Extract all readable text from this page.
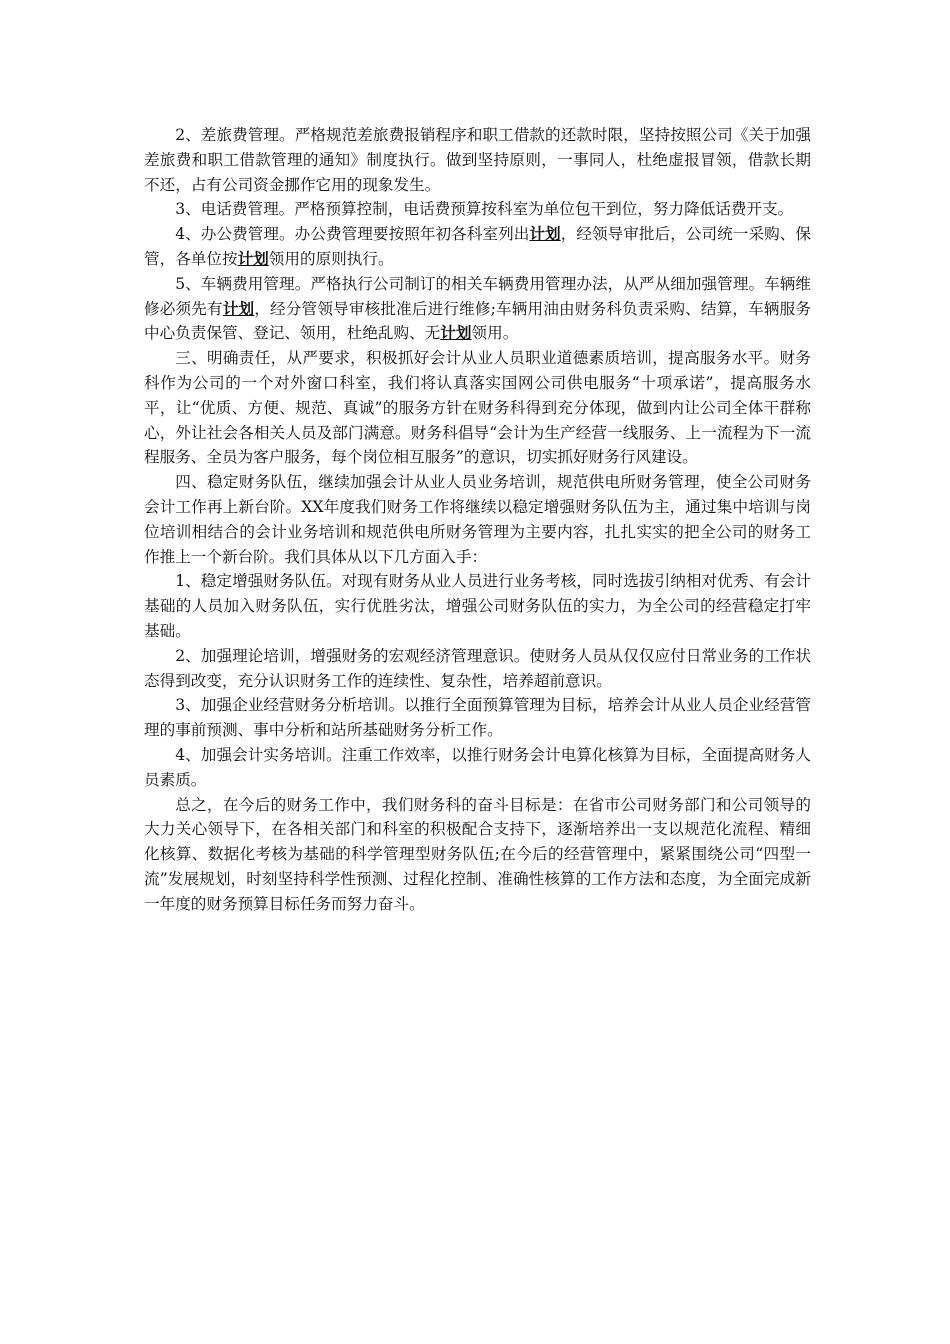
2、差旅费管理。严格规范差旅费报销程序和职工借款的还款时限，坚持按照公司《关于加强差旅费和职工借款管理的通知》制度执行。做到坚持原则，一事同人，杜绝虚报冒领，借款长期不还，占有公司资金挪作它用的现象发生。

3、电话费管理。严格预算控制，电话费预算按科室为单位包干到位，努力降低话费开支。

4、办公费管理。办公费管理要按照年初各科室列出计划，经领导审批后，公司统一采购、保管，各单位按计划领用的原则执行。

5、车辆费用管理。严格执行公司制订的相关车辆费用管理办法，从严从细加强管理。车辆维修必须先有计划，经分管领导审核批准后进行维修;车辆用油由财务科负责采购、结算，车辆服务中心负责保管、登记、领用，杜绝乱购、无计划领用。

三、明确责任，从严要求，积极抓好会计从业人员职业道德素质培训，提高服务水平。财务科作为公司的一个对外窗口科室，我们将认真落实国网公司供电服务“十项承诺”，提高服务水平，让“优质、方便、规范、真诚”的服务方针在财务科得到充分体现，做到内让公司全体干群称心，外让社会各相关人员及部门满意。财务科倡导“会计为生产经营一线服务、上一流程为下一流程服务、全员为客户服务，每个岗位相互服务”的意识，切实抓好财务行风建设。

四、稳定财务队伍，继续加强会计从业人员业务培训，规范供电所财务管理，使全公司财务会计工作再上新台阶。XX年度我们财务工作将继续以稳定增强财务队伍为主，通过集中培训与岗位培训相结合的会计业务培训和规范供电所财务管理为主要内容，扎扎实实的把全公司的财务工作推上一个新台阶。我们具体从以下几方面入手：

1、稳定增强财务队伍。对现有财务从业人员进行业务考核，同时选拔引纳相对优秀、有会计基础的人员加入财务队伍，实行优胜劣汰，增强公司财务队伍的实力，为全公司的经营稳定打牢基础。

2、加强理论培训，增强财务的宏观经济管理意识。使财务人员从仅仅应付日常业务的工作状态得到改变，充分认识财务工作的连续性、复杂性，培养超前意识。

3、加强企业经营财务分析培训。以推行全面预算管理为目标，培养会计从业人员企业经营管理的事前预测、事中分析和站所基础财务分析工作。

4、加强会计实务培训。注重工作效率，以推行财务会计电算化核算为目标，全面提高财务人员素质。

总之，在今后的财务工作中，我们财务科的奋斗目标是：在省市公司财务部门和公司领导的大力关心领导下，在各相关部门和科室的积极配合支持下，逐渐培养出一支以规范化流程、精细化核算、数据化考核为基础的科学管理型财务队伍;在今后的经营管理中，紧紧围绕公司“四型一流”发展规划，时刻坚持科学性预测、过程化控制、准确性核算的工作方法和态度，为全面完成新一年度的财务预算目标任务而努力奋斗。
